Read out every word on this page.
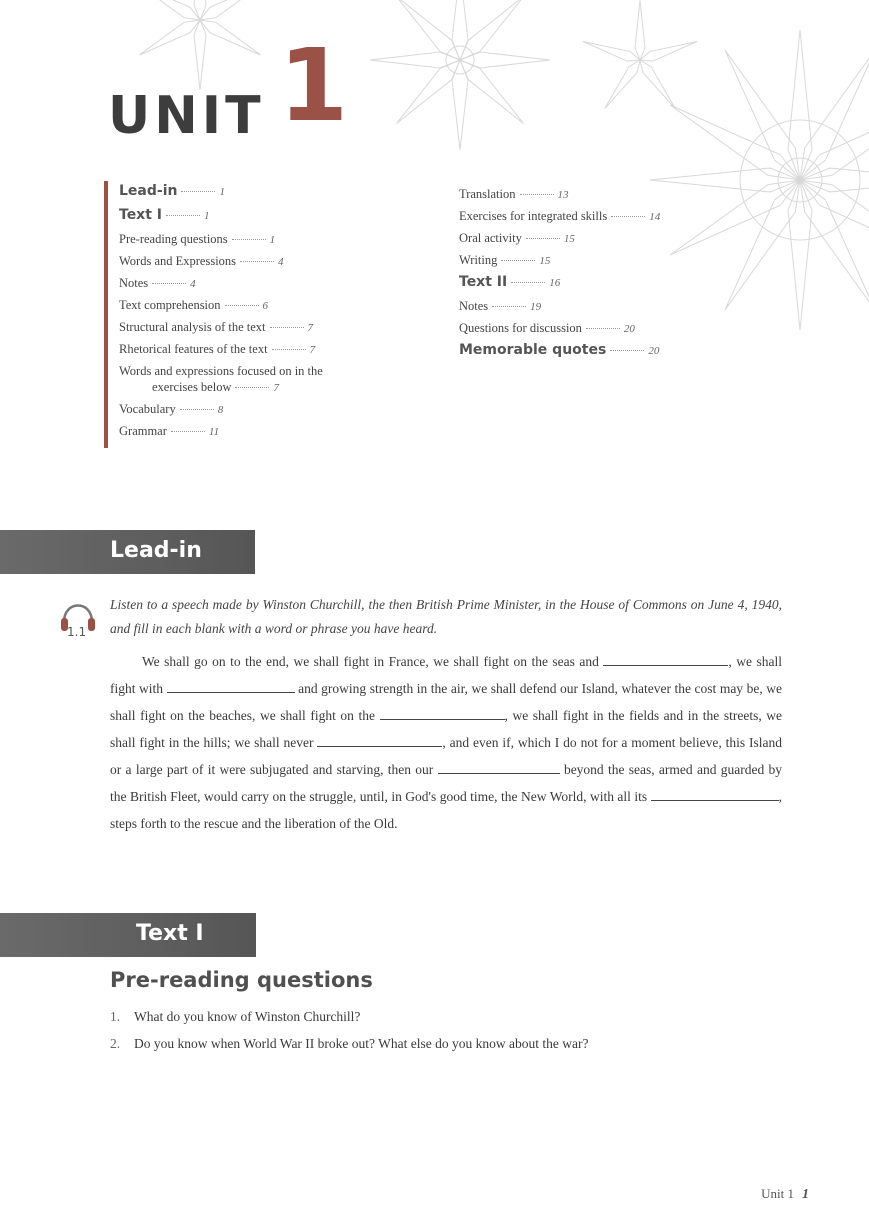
UNIT 1
Lead-in	1
Text I	1
Pre-reading questions	1
Words and Expressions	4
Notes	4
Text comprehension	6
Structural analysis of the text	7
Rhetorical features of the text	7
Words and expressions focused on in the
exercises below	7
Vocabulary	8
Grammar	11
Translation	13
Exercises for integrated skills	14
Oral activity	15
Writing	15
Text II	16
Notes	19
Questions for discussion	20
Memorable quotes	20
Lead-in
1.1
Listen to a speech made by Winston Churchill, the then British Prime Minister, in the House of Commons on June 4, 1940, and fill in each blank with a word or phrase you have heard.

We shall go on to the end, we shall fight in France, we shall fight on the seas and	, we shall fight with	and growing strength in the air, we shall defend our Island, whatever the cost may be, we shall fight on the beaches, we shall fight on the	, we shall fight in the fields and in the streets, we shall fight in the hills; we shall never	, and even if, which I do not for a moment believe, this Island or a large part of it were subjugated and starving, then our	beyond the seas, armed and guarded by the British Fleet, would carry on the struggle, until, in God's good time, the New World, with all its	, steps forth to the rescue and the liberation of the Old.

Text I
Pre-reading questions
1. What do you know of Winston Churchill?
2. Do you know when World War II broke out? What else do you know about the war?
Unit 1 1
